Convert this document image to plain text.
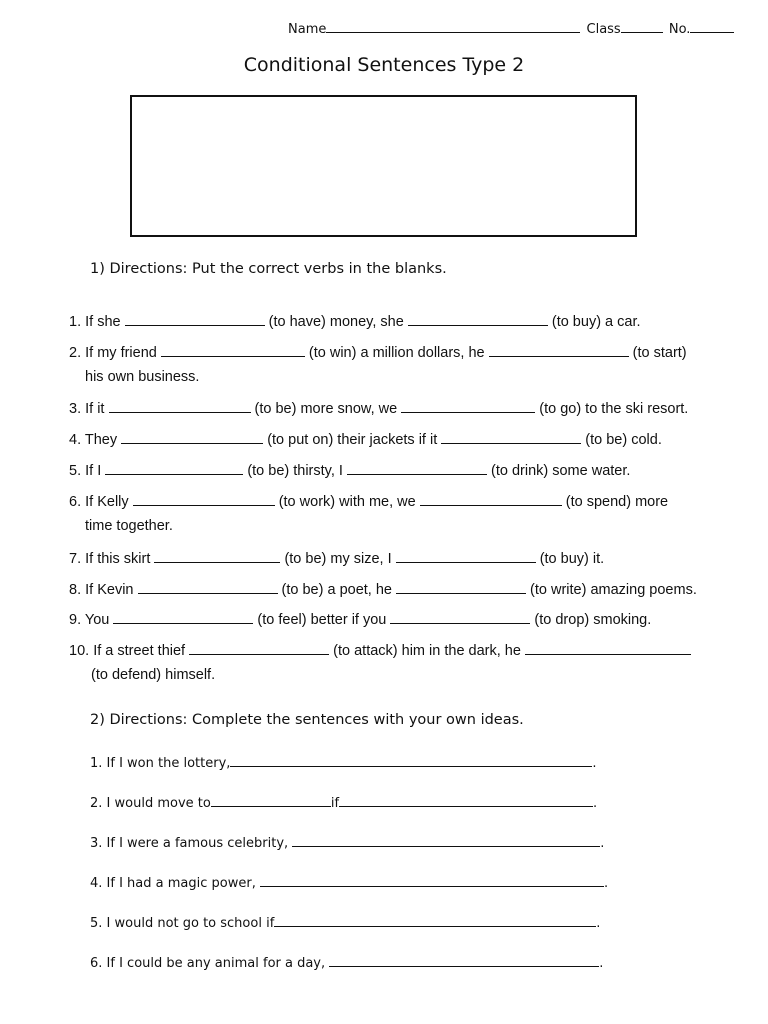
Name	Class	No.
Conditional Sentences Type 2
1) Directions: Put the correct verbs in the blanks.
1. If she	(to have) money, she	(to buy) a car.
2. If my friend	(to win) a million dollars, he	(to start)
his own business.
3. If it	(to be) more snow, we	(to go) to the ski resort.
4. They	(to put on) their jackets if it	(to be) cold.
5. If I	(to be) thirsty, I	(to drink) some water.
6. If Kelly	(to work) with me, we	(to spend) more
time together.
7. If this skirt	(to be) my size, I	(to buy) it.
8. If Kevin	(to be) a poet, he	(to write) amazing poems.
9. You	(to feel) better if you	(to drop) smoking.
10. If a street thief	(to attack) him in the dark, he
(to defend) himself.
2) Directions: Complete the sentences with your own ideas.
1. If I won the lottery,	.
2. I would move to	if	.
3. If I were a famous celebrity,	.
4. If I had a magic power,	.
5. I would not go to school if	.
6. If I could be any animal for a day,	.
